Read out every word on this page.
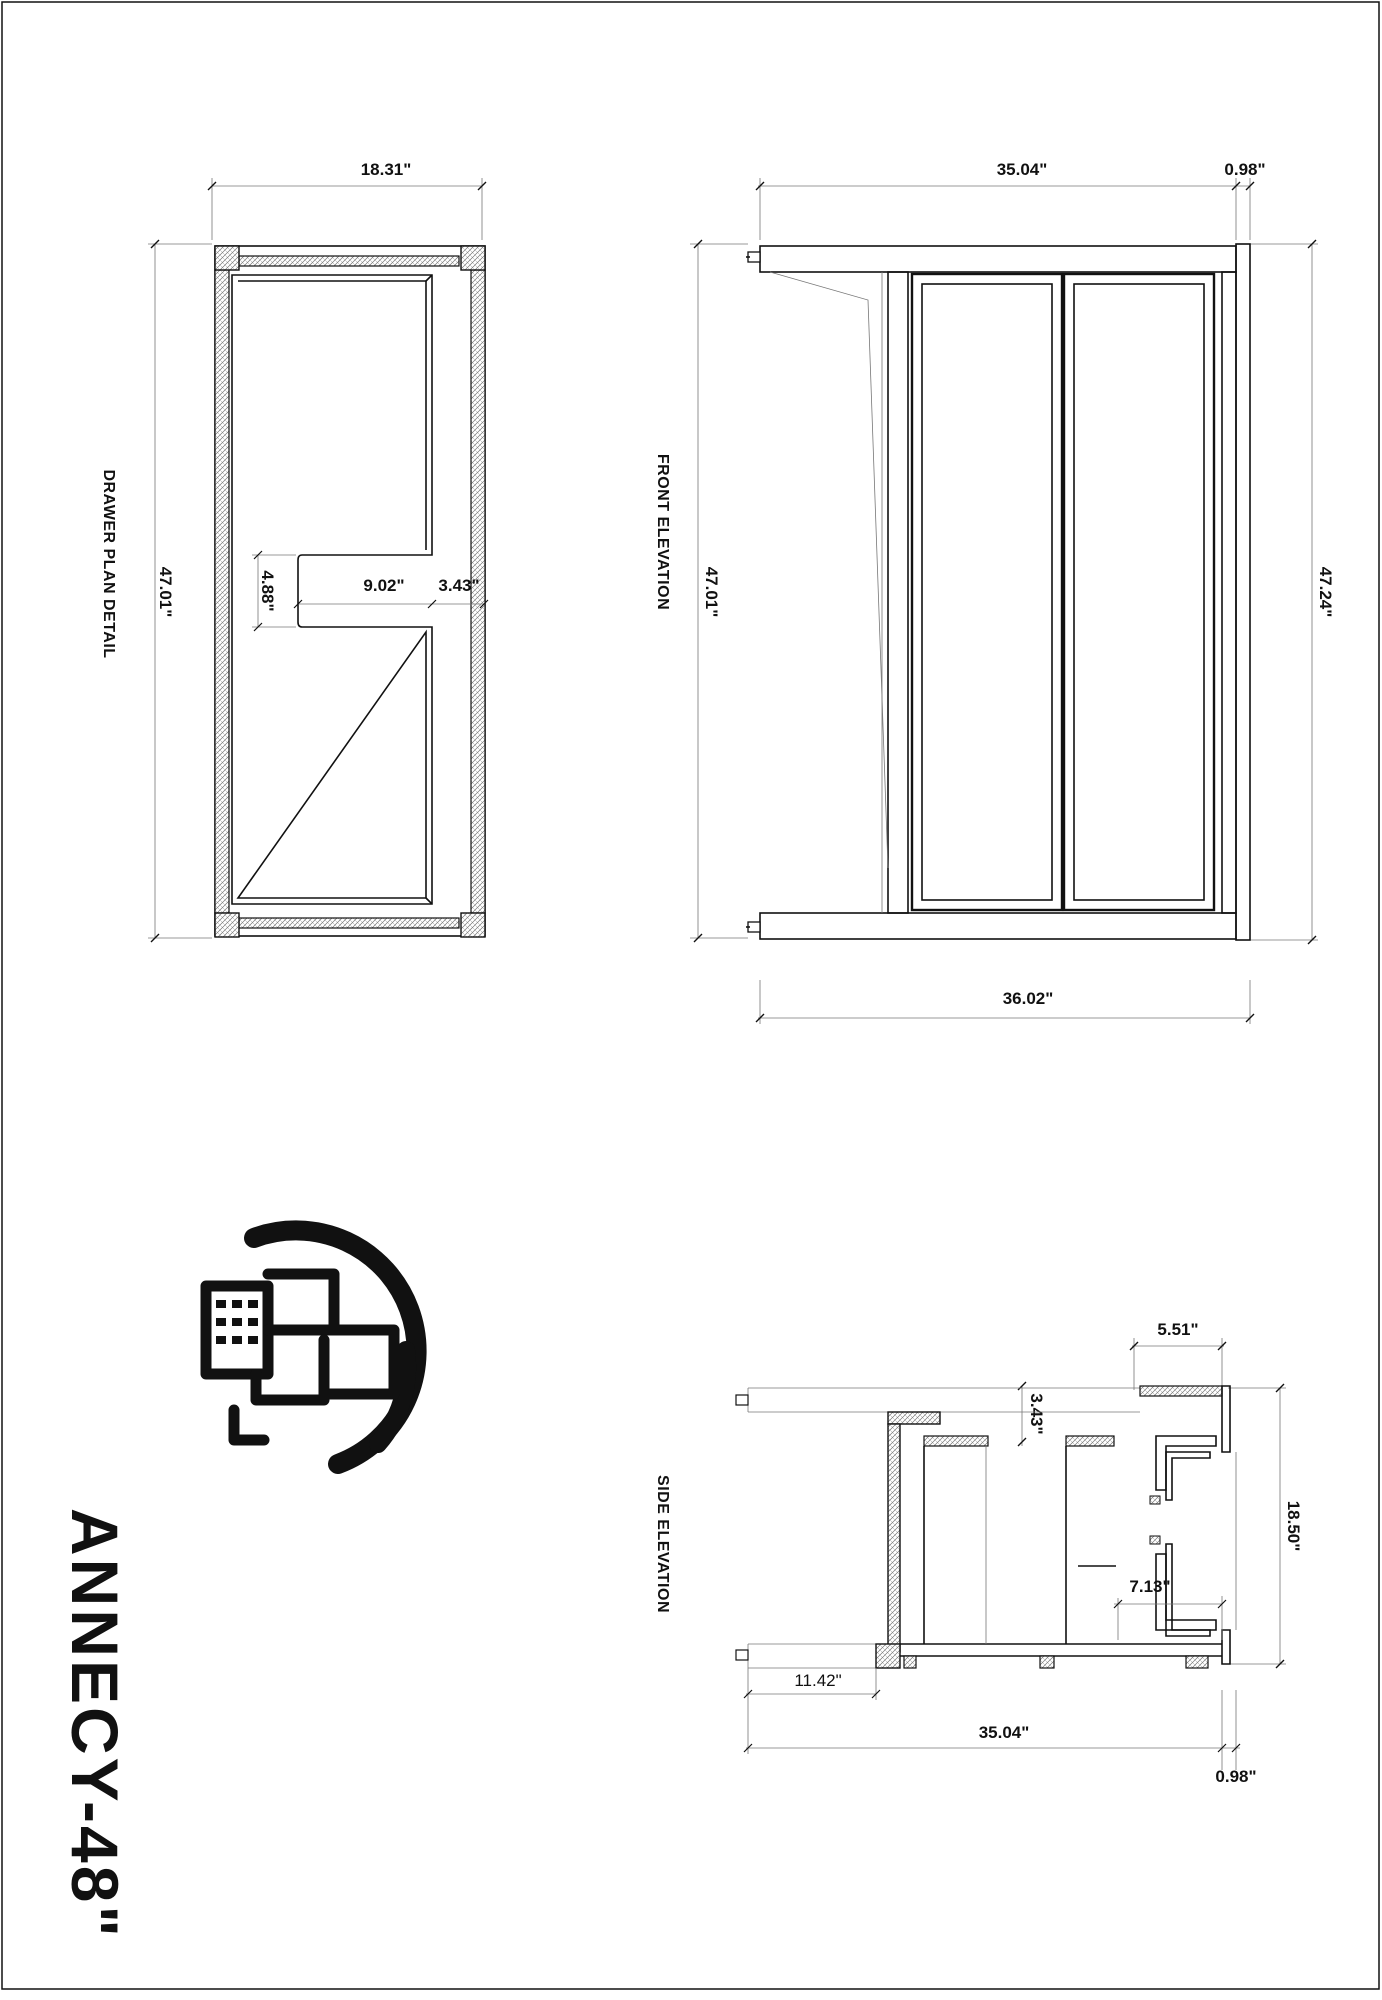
18.31"
47.01"
DRAWER PLAN DETAIL	4.88"	9.02" 3.43"
35.04"	0.98"
47.01"
FRONT ELEVATION	47.24"
36.02"
5.51"
3.43"
18.50"
SIDE ELEVATION	7.13"
11.42"
35.04"
0.98"
ANNECY-48"
